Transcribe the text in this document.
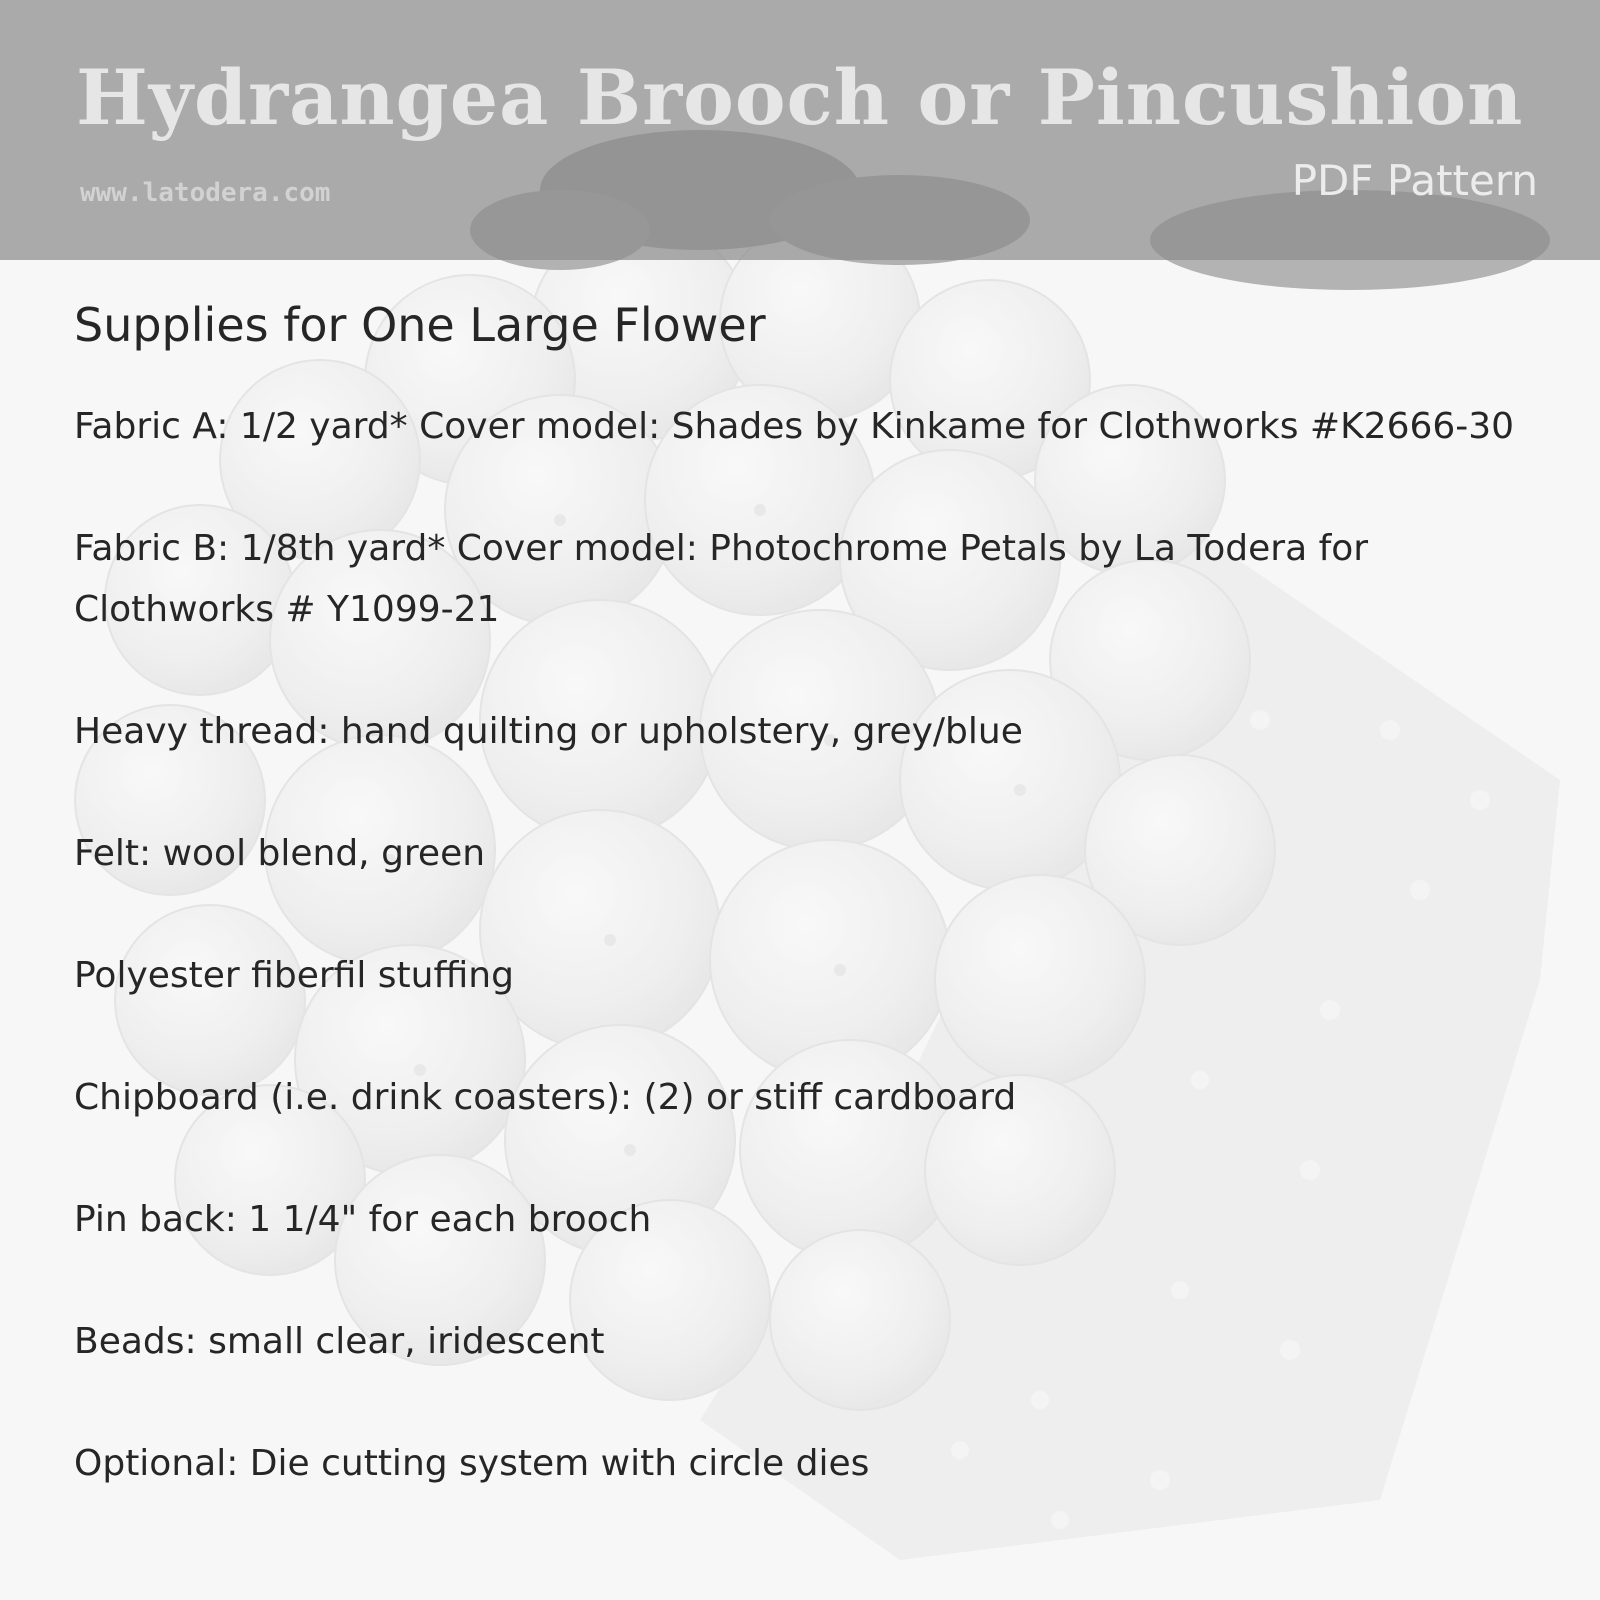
Hydrangea Brooch or Pincushion
www.latodera.com	PDF Pattern
Supplies for One Large Flower
Fabric A: 1/2 yard* Cover model: Shades by Kinkame for Clothworks #K2666-30
Fabric B: 1/8th yard* Cover model: Photochrome Petals by La Todera for Clothworks # Y1099-21
Heavy thread: hand quilting or upholstery, grey/blue
Felt: wool blend, green
Polyester fiberfil stuffing
Chipboard (i.e. drink coasters): (2) or stiff cardboard
Pin back: 1 1/4" for each brooch
Beads: small clear, iridescent
Optional: Die cutting system with circle dies
